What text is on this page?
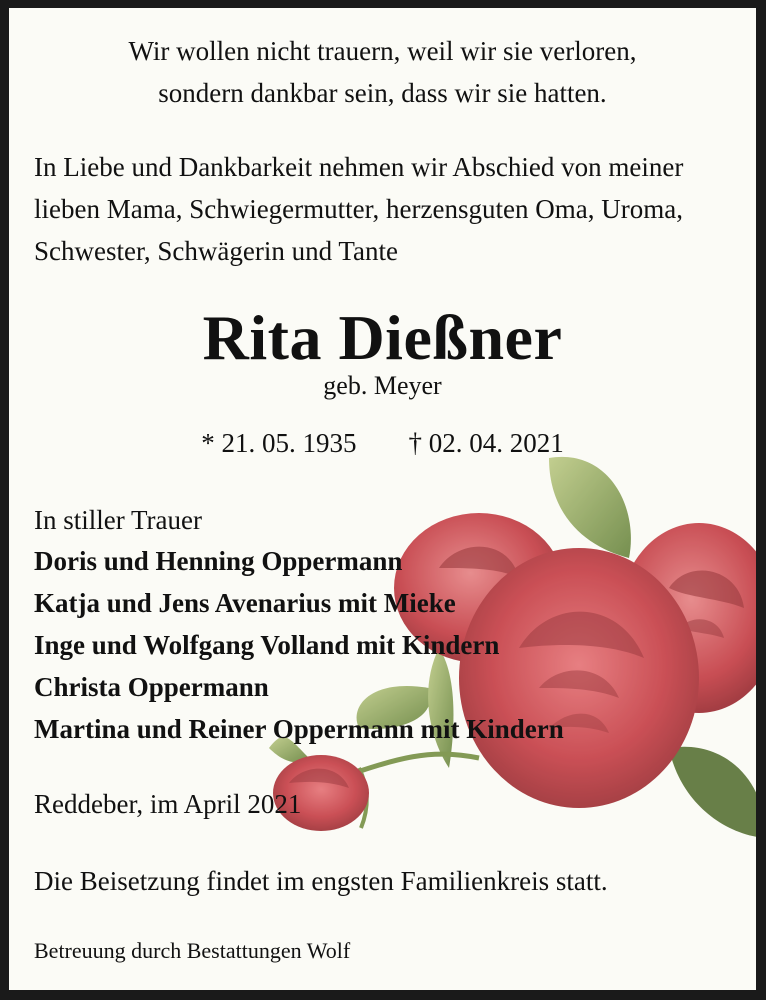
Wir wollen nicht trauern, weil wir sie verloren,
sondern dankbar sein, dass wir sie hatten.
In Liebe und Dankbarkeit nehmen wir Abschied von meiner
lieben Mama, Schwiegermutter, herzensguten Oma, Uroma,
Schwester, Schwägerin und Tante
Rita Dießner
geb. Meyer
* 21. 05. 1935 † 02. 04. 2021
In stiller Trauer
Doris und Henning Oppermann
Katja und Jens Avenarius mit Mieke
Inge und Wolfgang Volland mit Kindern
Christa Oppermann
Martina und Reiner Oppermann mit Kindern
Reddeber, im April 2021
Die Beisetzung findet im engsten Familienkreis statt.
Betreuung durch Bestattungen Wolf
